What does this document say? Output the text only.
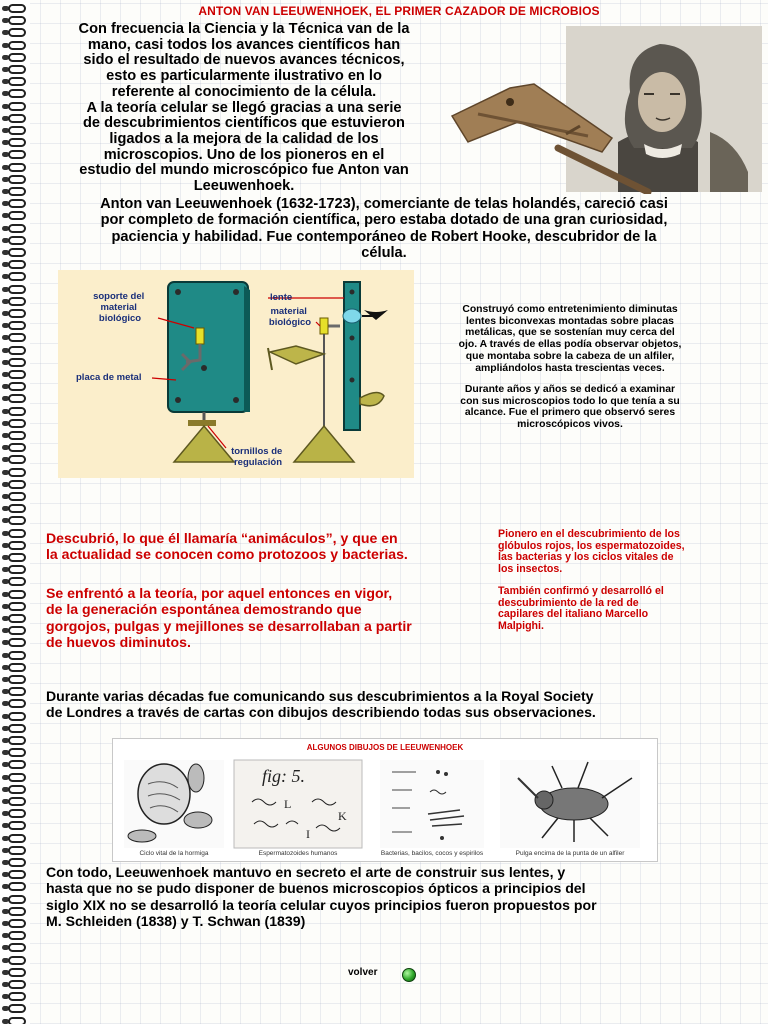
ANTON VAN LEEUWENHOEK, EL PRIMER CAZADOR DE MICROBIOS
Con frecuencia la Ciencia y la Técnica van de la
mano, casi todos los avances científicos han
sido el resultado de nuevos avances técnicos,
esto es particularmente ilustrativo en lo
referente al conocimiento de la célula.
A la teoría celular se llegó gracias a una serie
de descubrimientos científicos que estuvieron
ligados a la mejora de la calidad de los
microscopios. Uno de los pioneros en el
estudio del mundo microscópico fue Anton van
Leeuwenhoek.
Anton van Leeuwenhoek (1632-1723), comerciante de telas holandés, careció casi
por completo de formación científica, pero estaba dotado de una gran curiosidad,
paciencia y habilidad. Fue contemporáneo de Robert Hooke, descubridor de la
célula.
soporte del material biológico
lente
material biológico
placa de metal
tornillos de regulación
Construyó como entretenimiento diminutas
lentes biconvexas montadas sobre placas
metálicas, que se sostenían muy cerca del
ojo. A través de ellas podía observar objetos,
que montaba sobre la cabeza de un alfiler,
ampliándolos hasta trescientas veces.
Durante años y años se dedicó a examinar
con sus microscopios todo lo que tenía a su
alcance. Fue el primero que observó seres
microscópicos vivos.
Descubrió, lo que él llamaría “animáculos”, y que en
la actualidad se conocen como protozoos y bacterias.
Se enfrentó a la teoría, por aquel entonces en vigor,
de la generación espontánea demostrando que
gorgojos, pulgas y mejillones se desarrollaban a partir
de huevos diminutos.
Pionero en el descubrimiento de los
glóbulos rojos, los espermatozoides,
las bacterias y los ciclos vitales de
los insectos.
También confirmó y desarrolló el
descubrimiento de la red de
capilares del italiano Marcello
Malpighi.
Durante varias décadas fue comunicando sus descubrimientos a la Royal Society
de Londres a través de cartas con dibujos describiendo todas sus observaciones.
ALGUNOS DIBUJOS DE LEEUWENHOEK
Ciclo vital de la hormiga
fig: 5.
L
K
I
Espermatozoides humanos	Bacterias, bacilos, cocos y espirilos	Pulga encima de la punta de un alfiler
Con todo, Leeuwenhoek mantuvo en secreto el arte de construir sus lentes, y
hasta que no se pudo disponer de buenos microscopios ópticos a principios del
siglo XIX no se desarrolló la teoría celular cuyos principios fueron propuestos por
M. Schleiden (1838) y T. Schwan (1839)
volver
